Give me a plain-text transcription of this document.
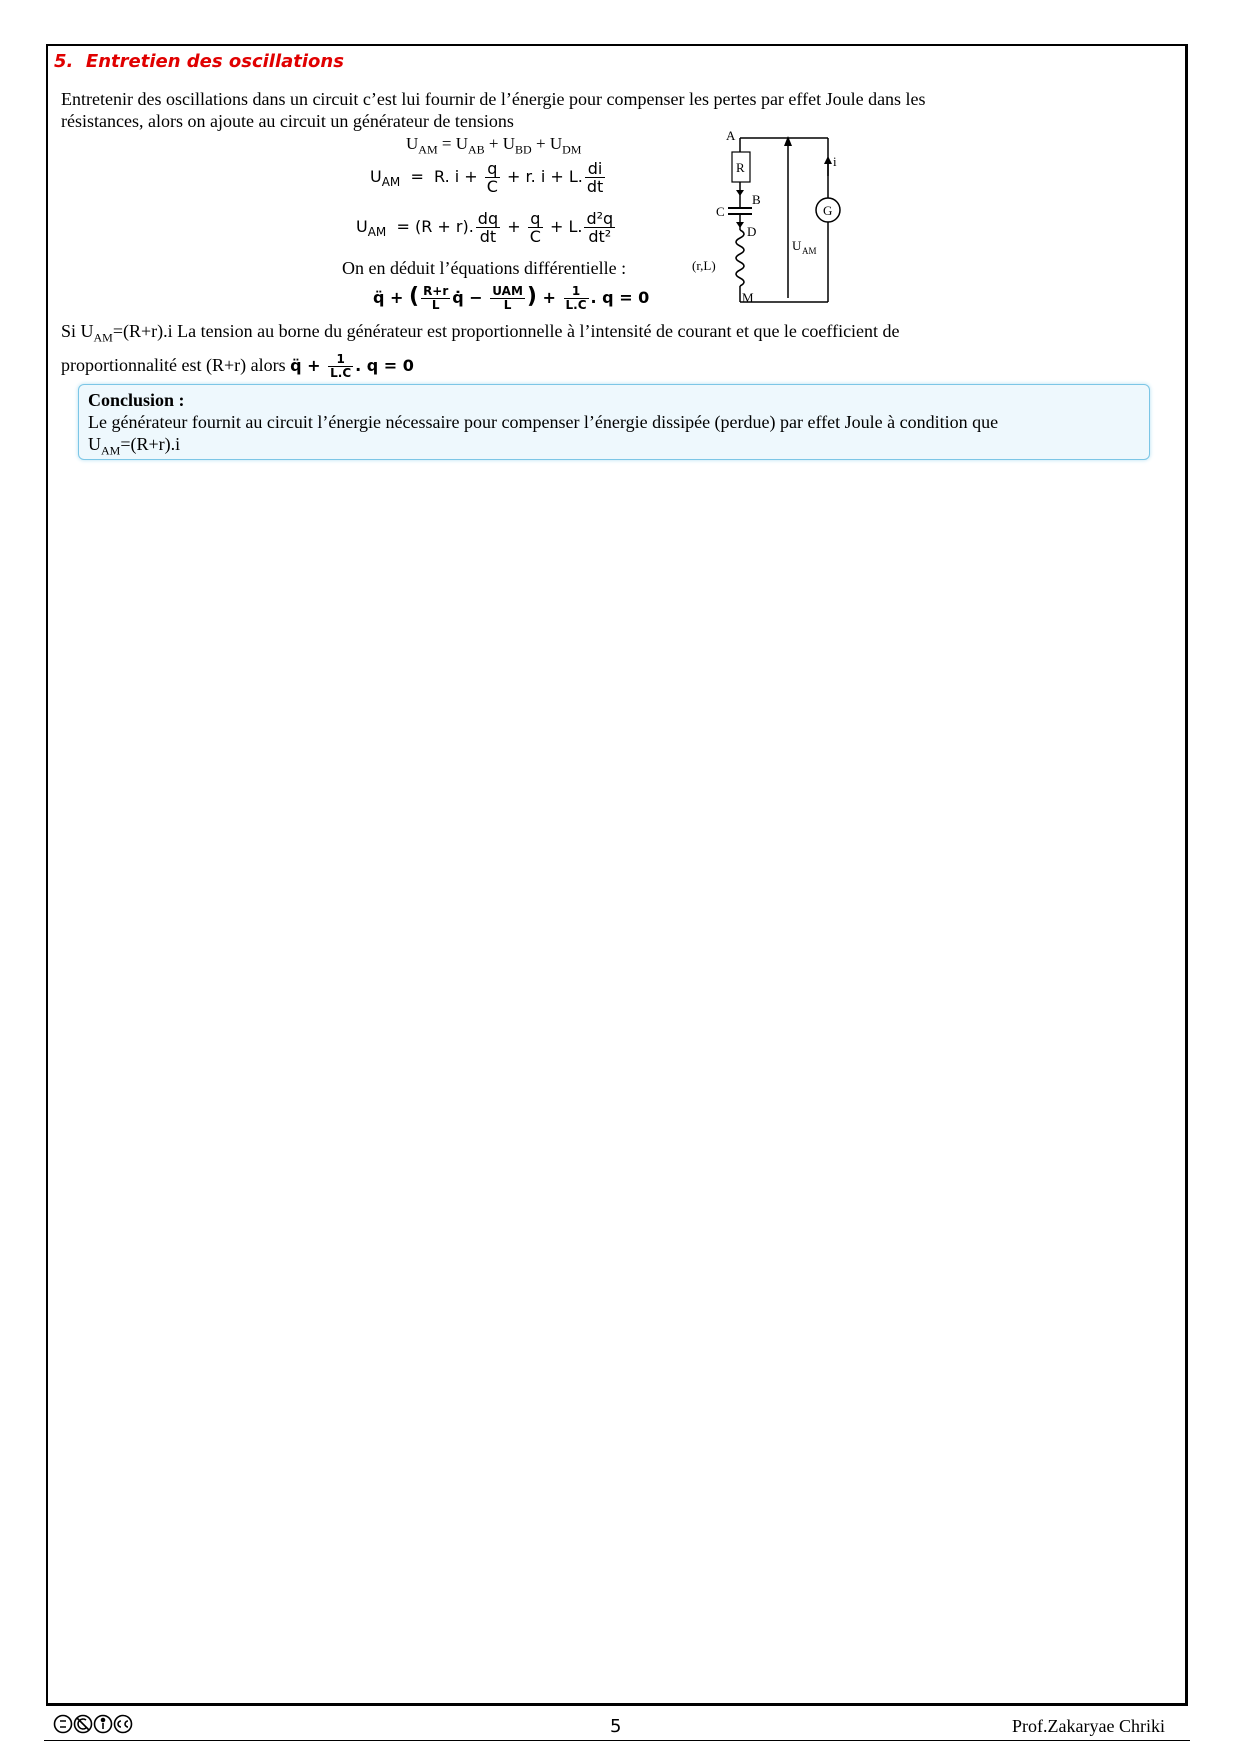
5. Entretien des oscillations
Entretenir des oscillations dans un circuit c’est lui fournir de l’énergie pour compenser les pertes par effet Joule dans les
résistances, alors on ajoute au circuit un générateur de tensions
$U_{AM} = U_{AB} + U_{BD} + U_{DM}$
$U_{AM} = R$. $i + \frac{q}{C} + r$. i + L. $\frac{di}{dt}$
$U_{AM} = (R + r)$. $\frac{dq}{dt} + \frac{q}{C} + L$. $\frac{\text{d²q}}{\text{dt²}}$
On en déduit l’équations différentielle :
q̈ + ( $\frac{R+r}{L}$ q̇ − $\frac{\text{UAM}}{L}$ ) + $\frac{1}{L.C}$ . q = 0
Si $U_{AM}=(R+r).i$ La tension au borne du générateur est proportionnelle à l’intensité de courant et que le coefficient de
proportionnalité est (R+r) alors q̈ + $\frac{1}{L.C}$ . q = 0
Conclusion :
Le générateur fournit au circuit l’énergie nécessaire pour compenser l’énergie dissipée (perdue) par effet Joule à condition que
$U_{AM}=(R+r).i$
A
R
B
C
D
(r,L)
M
G
i
U AM
5	Prof.Zakaryae Chriki
